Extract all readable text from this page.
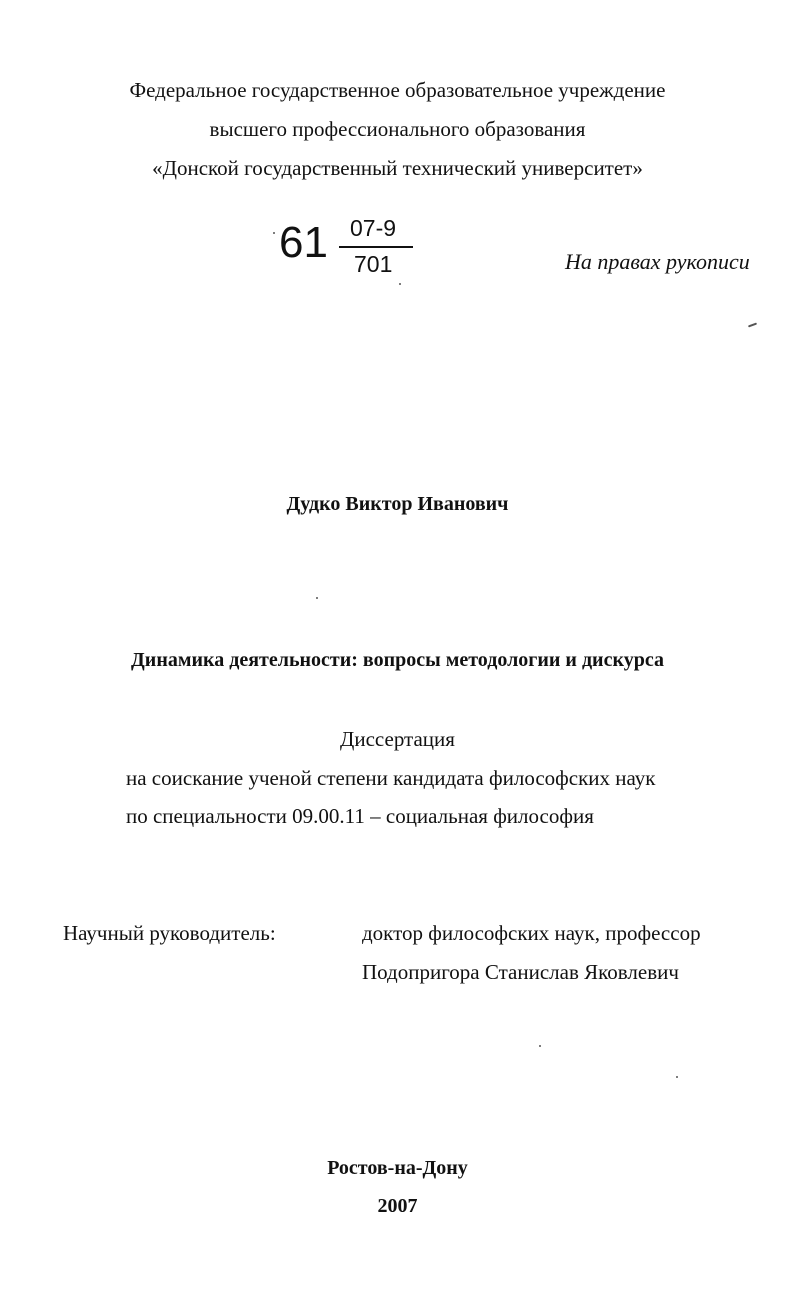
Федеральное государственное образовательное учреждение
высшего профессионального образования
«Донской государственный технический университет»
61 07-9
701	На правах рукописи
Дудко Виктор Иванович
Динамика деятельности: вопросы методологии и дискурса
Диссертация
на соискание ученой степени кандидата философских наук
по специальности 09.00.11 – социальная философия
Научный руководитель:	доктор философских наук, профессор
Подопригора Станислав Яковлевич
Ростов-на-Дону
2007
